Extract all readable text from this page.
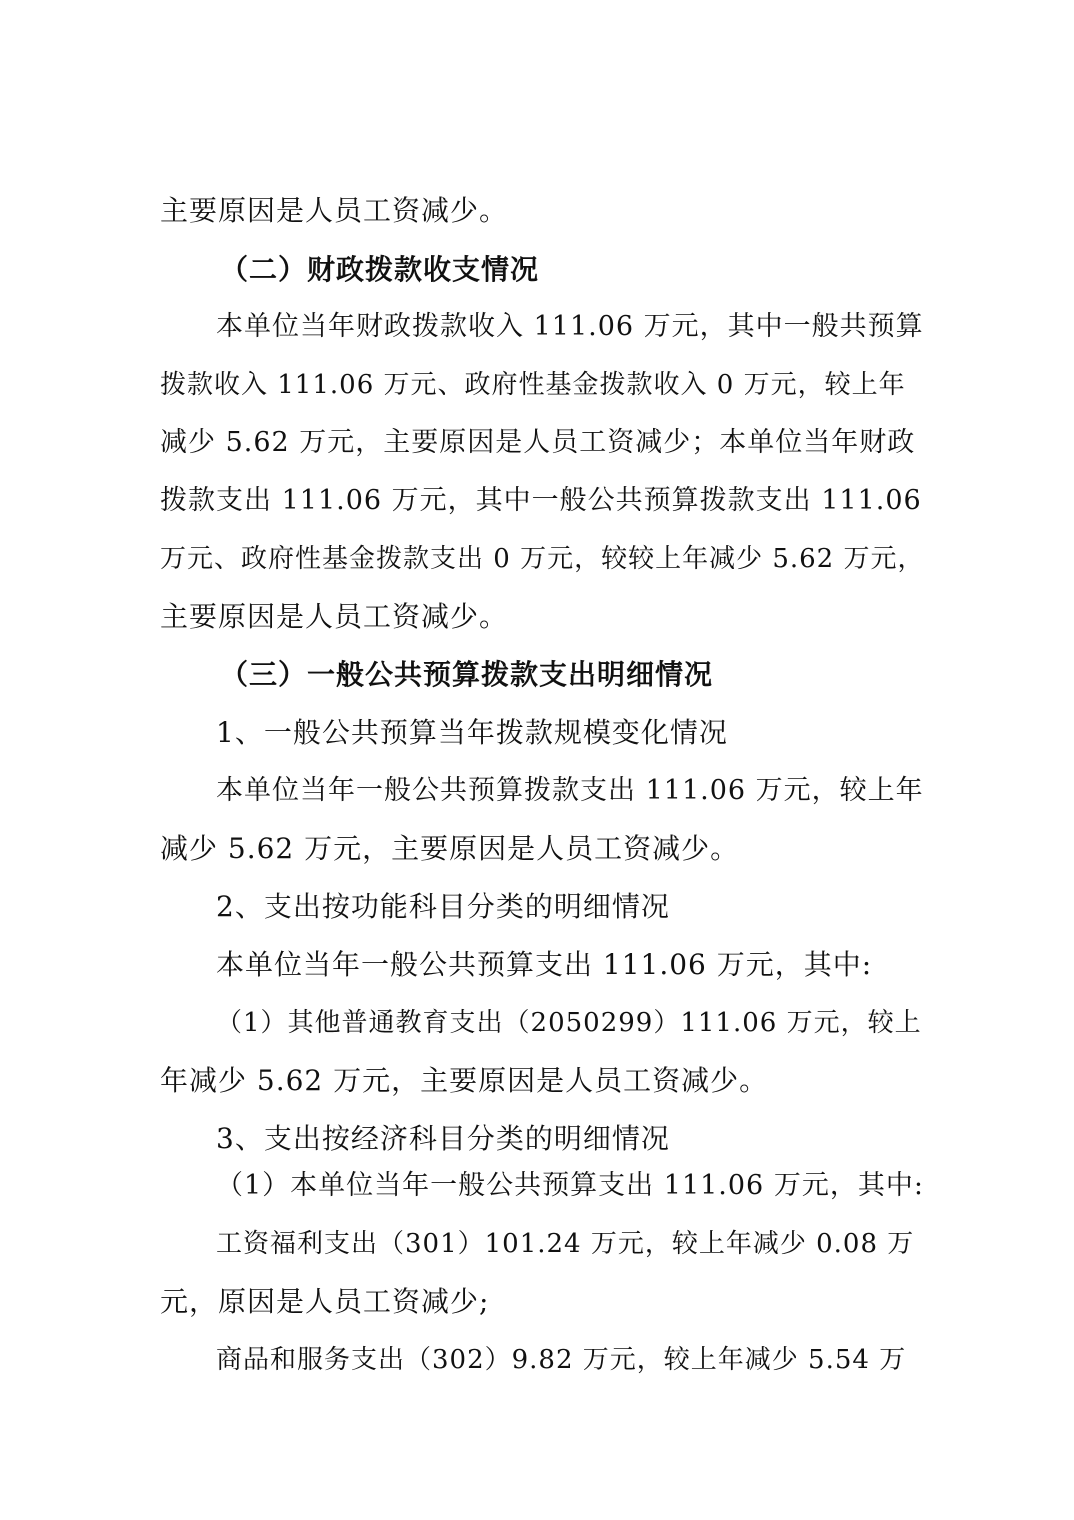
主要原因是人员工资减少。
（二）财政拨款收支情况
本单位当年财政拨款收入 111.06 万元，其中一般共预算
拨款收入 111.06 万元、政府性基金拨款收入 0 万元，较上年
减少 5.62 万元，主要原因是人员工资减少；本单位当年财政
拨款支出 111.06 万元，其中一般公共预算拨款支出 111.06
万元、政府性基金拨款支出 0 万元，较较上年减少 5.62 万元，
主要原因是人员工资减少。
（三）一般公共预算拨款支出明细情况
1、一般公共预算当年拨款规模变化情况
本单位当年一般公共预算拨款支出 111.06 万元，较上年
减少 5.62 万元，主要原因是人员工资减少。
2、支出按功能科目分类的明细情况
本单位当年一般公共预算支出 111.06 万元，其中:
（1）其他普通教育支出（2050299）111.06 万元，较上
年减少 5.62 万元，主要原因是人员工资减少。
3、支出按经济科目分类的明细情况
（1）本单位当年一般公共预算支出 111.06 万元，其中:
工资福利支出（301）101.24 万元，较上年减少 0.08 万
元，原因是人员工资减少;
商品和服务支出（302）9.82 万元，较上年减少 5.54 万
